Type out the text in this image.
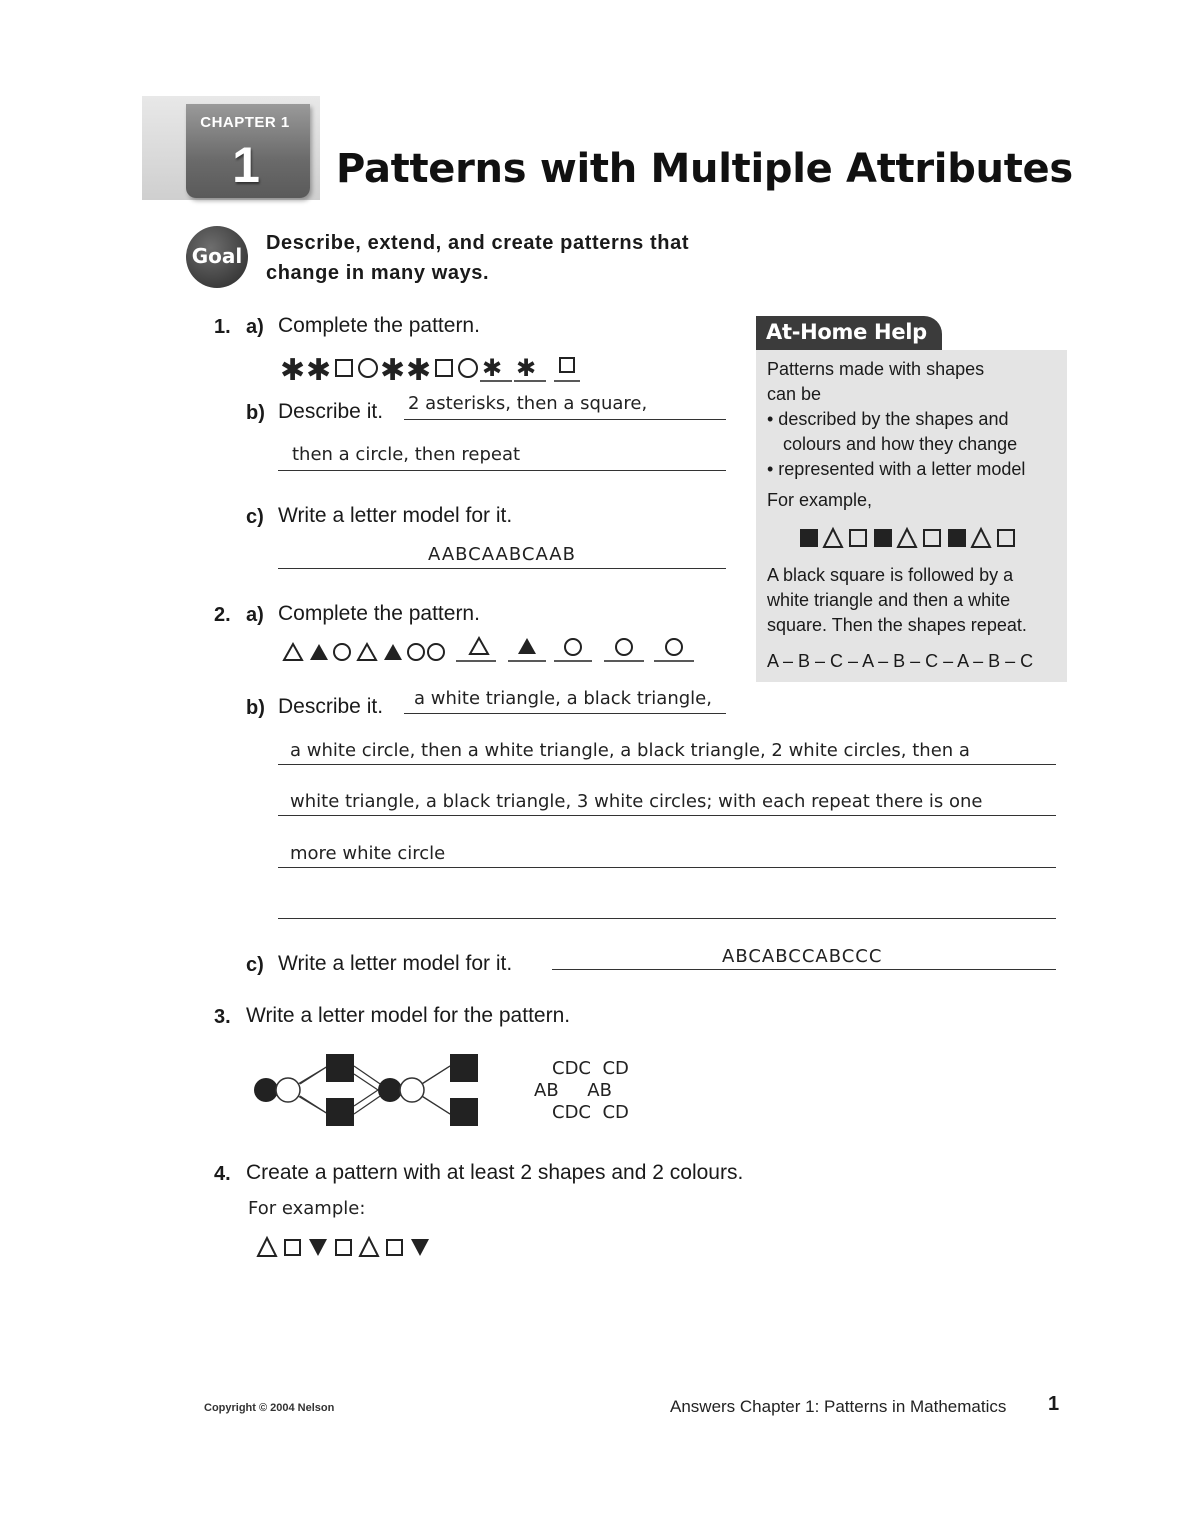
CHAPTER 1
1	Patterns with Multiple Attributes
Goal
Describe, extend, and create patterns that
change in many ways.
1. a) Complete the pattern.
✱ ✱ ✱ ✱ ✱ ✱
b) Describe it. 2 asterisks, then a square,
then a circle, then repeat
c) Write a letter model for it.
AABCAABCAAB
2. a) Complete the pattern.
b) Describe it. a white triangle, a black triangle,
a white circle, then a white triangle, a black triangle, 2 white circles, then a
white triangle, a black triangle, 3 white circles; with each repeat there is one
more white circle
c) Write a letter model for it.	ABCABCCABCCC
3. Write a letter model for the pattern.
CDC  CD
AB     AB
CDC  CD
4. Create a pattern with at least 2 shapes and 2 colours.
For example:
At-Home Help
Patterns made with shapes
can be
• described by the shapes and
colours and how they change
• represented with a letter model
For example,
A black square is followed by a
white triangle and then a white
square. Then the shapes repeat.
A – B – C – A – B – C – A – B – C
Copyright © 2004 Nelson	Answers Chapter 1: Patterns in Mathematics 1
